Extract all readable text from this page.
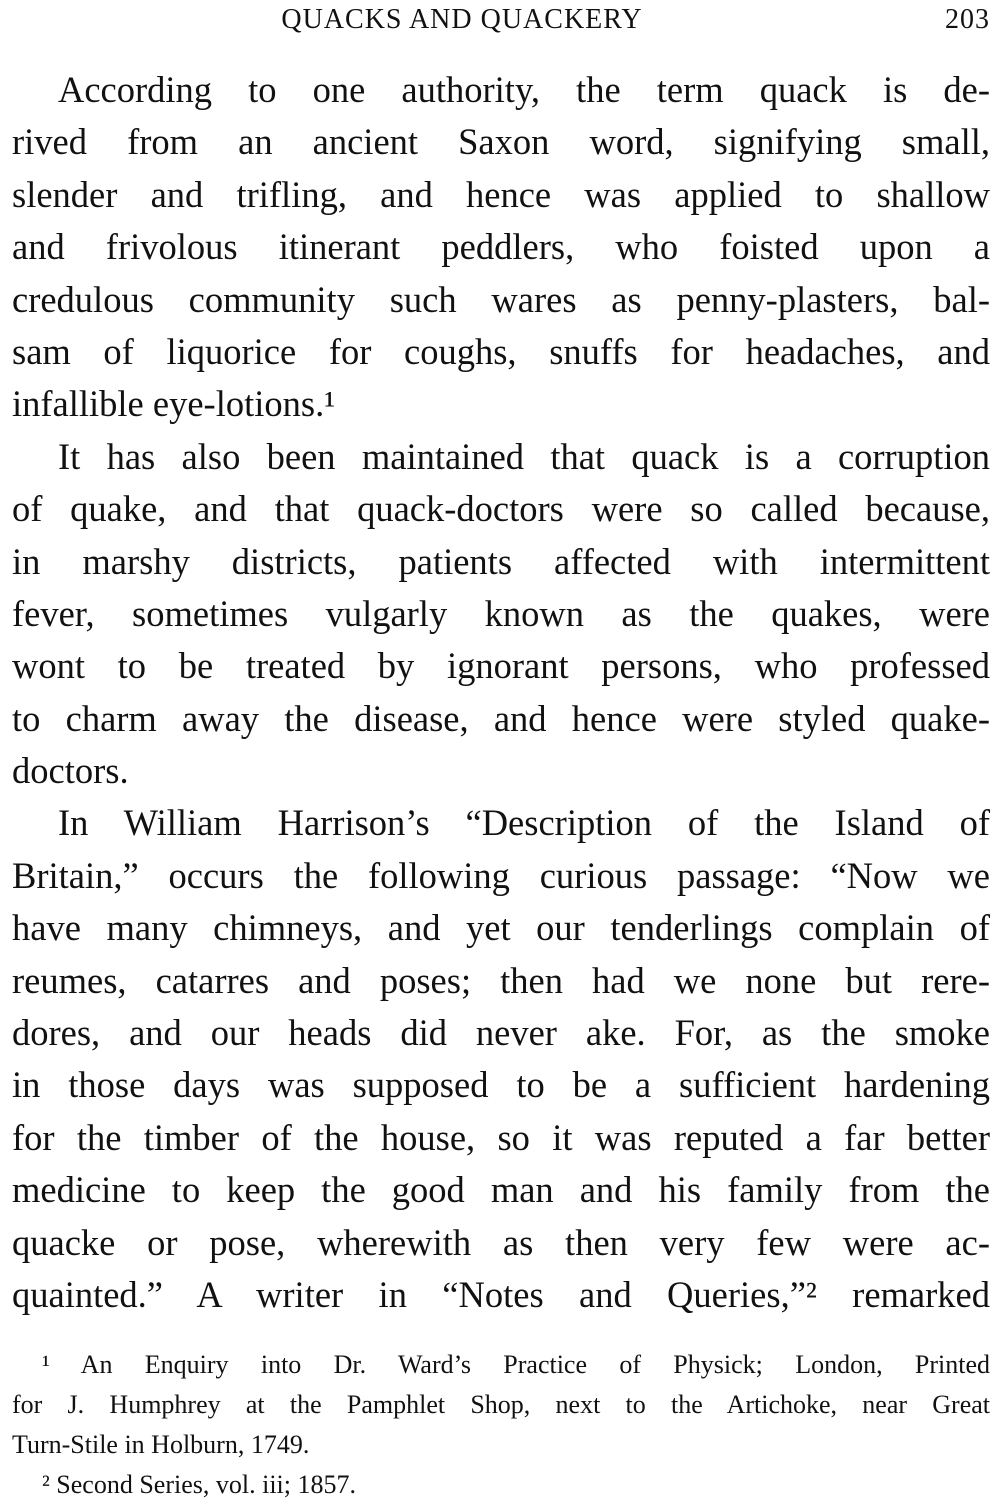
QUACKS AND QUACKERY	203
According to one authority, the term quack is de-
rived from an ancient Saxon word, signifying small,
slender and trifling, and hence was applied to shallow
and frivolous itinerant peddlers, who foisted upon a
credulous community such wares as penny-plasters, bal-
sam of liquorice for coughs, snuffs for headaches, and
infallible eye-lotions.¹
It has also been maintained that quack is a corruption
of quake, and that quack-doctors were so called because,
in marshy districts, patients affected with intermittent
fever, sometimes vulgarly known as the quakes, were
wont to be treated by ignorant persons, who professed
to charm away the disease, and hence were styled quake-
doctors.
In William Harrison’s “Description of the Island of
Britain,” occurs the following curious passage: “Now we
have many chimneys, and yet our tenderlings complain of
reumes, catarres and poses; then had we none but rere-
dores, and our heads did never ake. For, as the smoke
in those days was supposed to be a sufficient hardening
for the timber of the house, so it was reputed a far better
medicine to keep the good man and his family from the
quacke or pose, wherewith as then very few were ac-
quainted.” A writer in “Notes and Queries,”² remarked
¹ An Enquiry into Dr. Ward’s Practice of Physick; London, Printed
for J. Humphrey at the Pamphlet Shop, next to the Artichoke, near Great
Turn-Stile in Holburn, 1749.
² Second Series, vol. iii; 1857.
